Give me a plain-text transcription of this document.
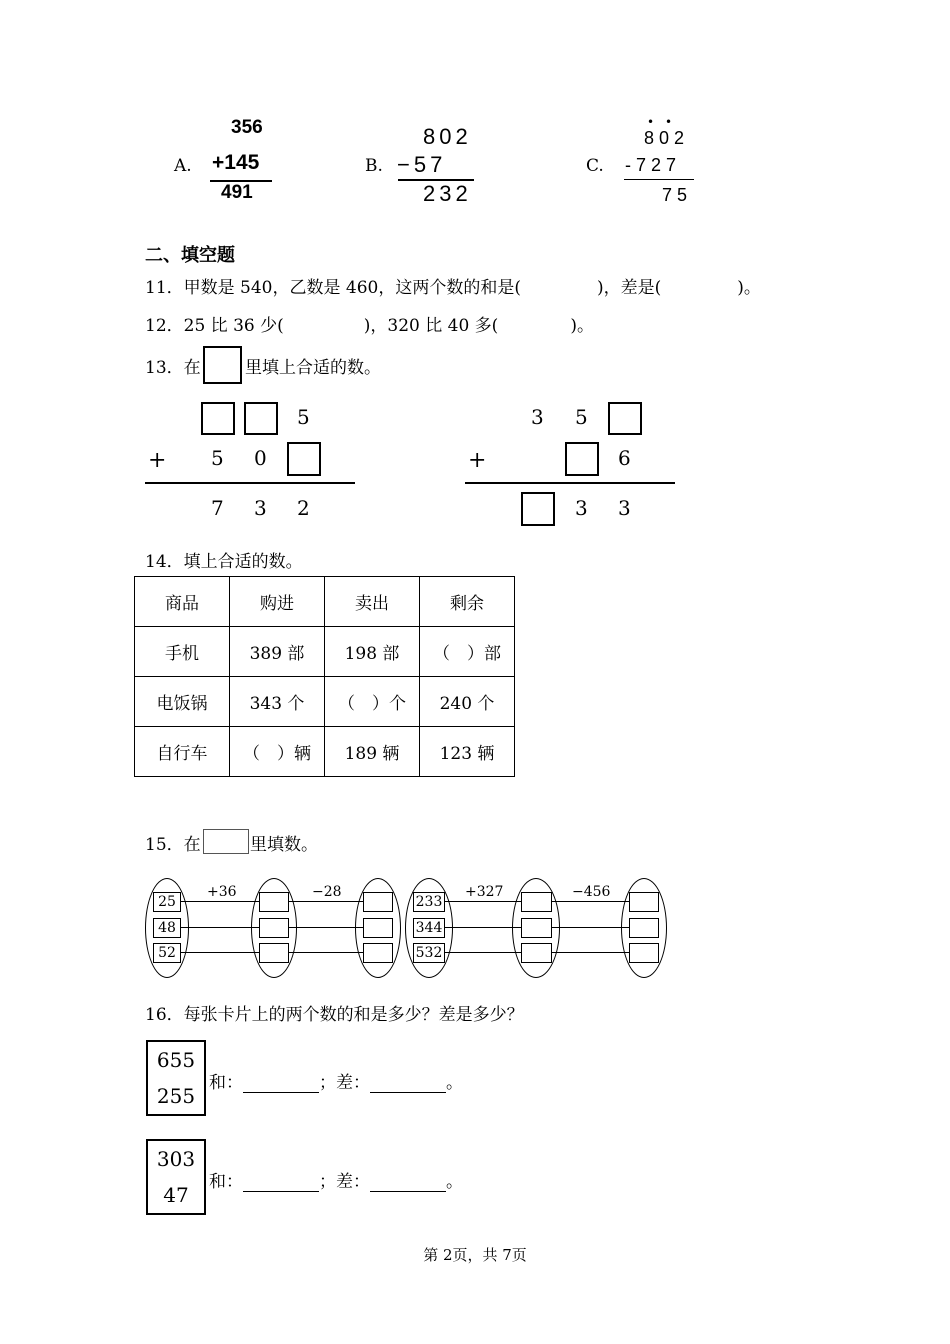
A.
356
+145
491
B.
802
−57
232
C.
• •
802
-727
75
二、填空题
11．甲数是 540，乙数是 460，这两个数的和是(	)，差是(	)。
12．25 比 36 少(	)，320 比 40 多(	)。
13．在	里填上合适的数。
5
+ 5 0
7 3 2
3 5
+	6
3 3
14．填上合适的数。
商品	购进	卖出	剩余
手机	389 部	198 部	（　）部
电饭锅	343 个	（　）个	240 个
自行车	（　）辆	189 辆	123 辆
15．在	里填数。
25
48
52
233
344
532
+36	−28	+327	−456
16．每张卡片上的两个数的和是多少？差是多少？
655
255
和：	；差：	。
303
47
和：	；差：	。
第 2页，共 7页
